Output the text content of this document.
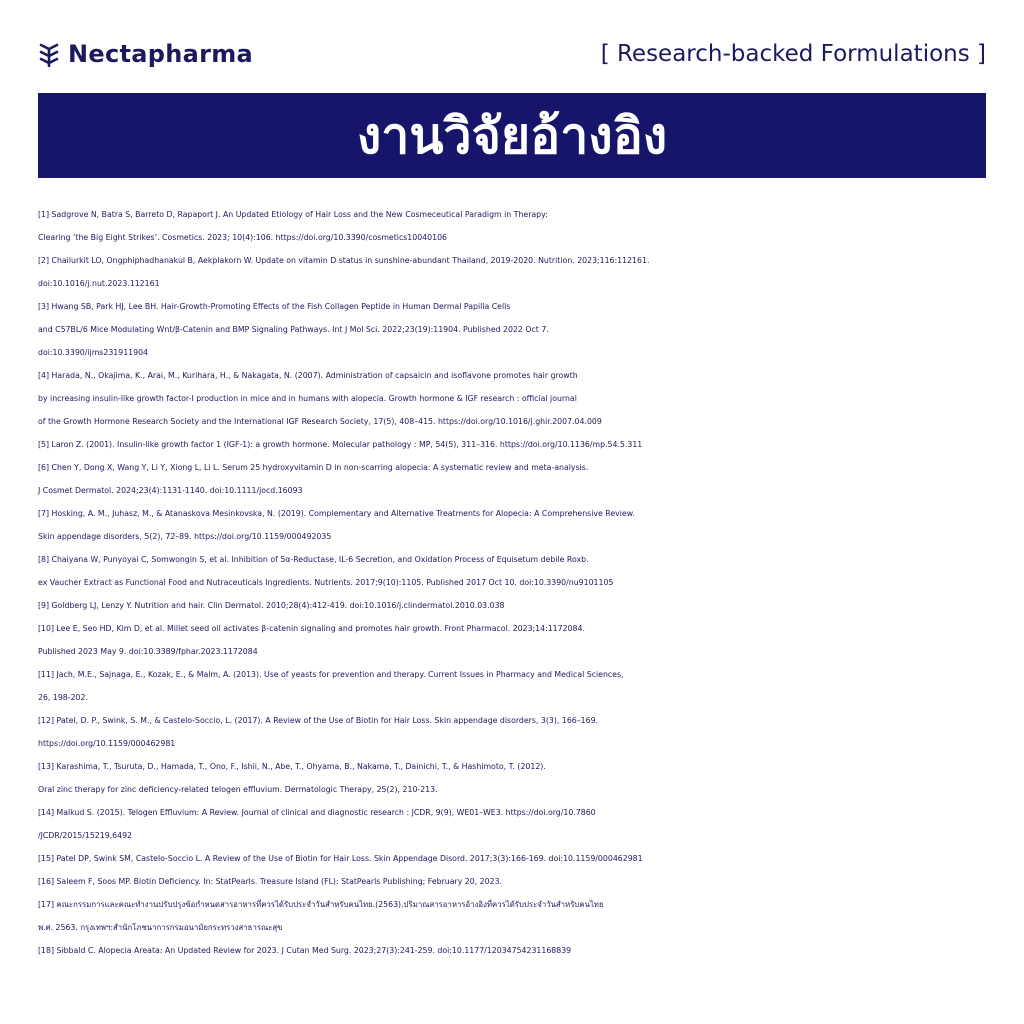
Nectapharma	[ Research-backed Formulations ]
งานวิจัยอ้างอิง
[1] Sadgrove N, Batra S, Barreto D, Rapaport J. An Updated Etiology of Hair Loss and the New Cosmeceutical Paradigm in Therapy:
Clearing ‘the Big Eight Strikes’. Cosmetics. 2023; 10(4):106. https://doi.org/10.3390/cosmetics10040106
[2] Chailurkit LO, Ongphiphadhanakul B, Aekplakorn W. Update on vitamin D status in sunshine-abundant Thailand, 2019-2020. Nutrition. 2023;116:112161.
doi:10.1016/j.nut.2023.112161
[3] Hwang SB, Park HJ, Lee BH. Hair-Growth-Promoting Effects of the Fish Collagen Peptide in Human Dermal Papilla Cells
and C57BL/6 Mice Modulating Wnt/β-Catenin and BMP Signaling Pathways. Int J Mol Sci. 2022;23(19):11904. Published 2022 Oct 7.
doi:10.3390/ijms231911904
[4] Harada, N., Okajima, K., Arai, M., Kurihara, H., & Nakagata, N. (2007). Administration of capsaicin and isoflavone promotes hair growth
by increasing insulin-like growth factor-I production in mice and in humans with alopecia. Growth hormone & IGF research : official journal
of the Growth Hormone Research Society and the International IGF Research Society, 17(5), 408–415. https://doi.org/10.1016/j.ghir.2007.04.009
[5] Laron Z. (2001). Insulin-like growth factor 1 (IGF-1): a growth hormone. Molecular pathology : MP, 54(5), 311–316. https://doi.org/10.1136/mp.54.5.311
[6] Chen Y, Dong X, Wang Y, Li Y, Xiong L, Li L. Serum 25 hydroxyvitamin D in non-scarring alopecia: A systematic review and meta-analysis.
J Cosmet Dermatol. 2024;23(4):1131-1140. doi:10.1111/jocd.16093
[7] Hosking, A. M., Juhasz, M., & Atanaskova Mesinkovska, N. (2019). Complementary and Alternative Treatments for Alopecia: A Comprehensive Review.
Skin appendage disorders, 5(2), 72–89. https://doi.org/10.1159/000492035
[8] Chaiyana W, Punyoyai C, Somwongin S, et al. Inhibition of 5α-Reductase, IL-6 Secretion, and Oxidation Process of Equisetum debile Roxb.
ex Vaucher Extract as Functional Food and Nutraceuticals Ingredients. Nutrients. 2017;9(10):1105. Published 2017 Oct 10. doi:10.3390/nu9101105
[9] Goldberg LJ, Lenzy Y. Nutrition and hair. Clin Dermatol. 2010;28(4):412-419. doi:10.1016/j.clindermatol.2010.03.038
[10] Lee E, Seo HD, Kim D, et al. Millet seed oil activates β-catenin signaling and promotes hair growth. Front Pharmacol. 2023;14:1172084.
Published 2023 May 9. doi:10.3389/fphar.2023.1172084
[11] Jach, M.E., Sajnaga, E., Kozak, E., & Malm, A. (2013). Use of yeasts for prevention and therapy. Current Issues in Pharmacy and Medical Sciences,
26, 198-202.
[12] Patel, D. P., Swink, S. M., & Castelo-Soccio, L. (2017). A Review of the Use of Biotin for Hair Loss. Skin appendage disorders, 3(3), 166–169.
https://doi.org/10.1159/000462981
[13] Karashima, T., Tsuruta, D., Hamada, T., Ono, F., Ishii, N., Abe, T., Ohyama, B., Nakama, T., Dainichi, T., & Hashimoto, T. (2012).
Oral zinc therapy for zinc deficiency-related telogen effluvium. Dermatologic Therapy, 25(2), 210-213.
[14] Malkud S. (2015). Telogen Effluvium: A Review. Journal of clinical and diagnostic research : JCDR, 9(9), WE01–WE3. https://doi.org/10.7860
/JCDR/2015/15219.6492
[15] Patel DP, Swink SM, Castelo-Soccio L. A Review of the Use of Biotin for Hair Loss. Skin Appendage Disord. 2017;3(3):166-169. doi:10.1159/000462981
[16] Saleem F, Soos MP. Biotin Deficiency. In: StatPearls. Treasure Island (FL): StatPearls Publishing; February 20, 2023.
[17] คณะกรรมการและคณะทำงานปรับปรุงข้อกำหนดสารอาหารที่ควรได้รับประจำวันสำหรับคนไทย.(2563).ปริมาณสารอาหารอ้างอิงที่ควรได้รับประจำวันสำหรับคนไทย
พ.ศ. 2563. กรุงเทพฯ:สำนักโภชนาการกรมอนามัยกระทรวงสาธารณะสุข
[18] Sibbald C. Alopecia Areata: An Updated Review for 2023. J Cutan Med Surg. 2023;27(3):241-259. doi:10.1177/12034754231168839
